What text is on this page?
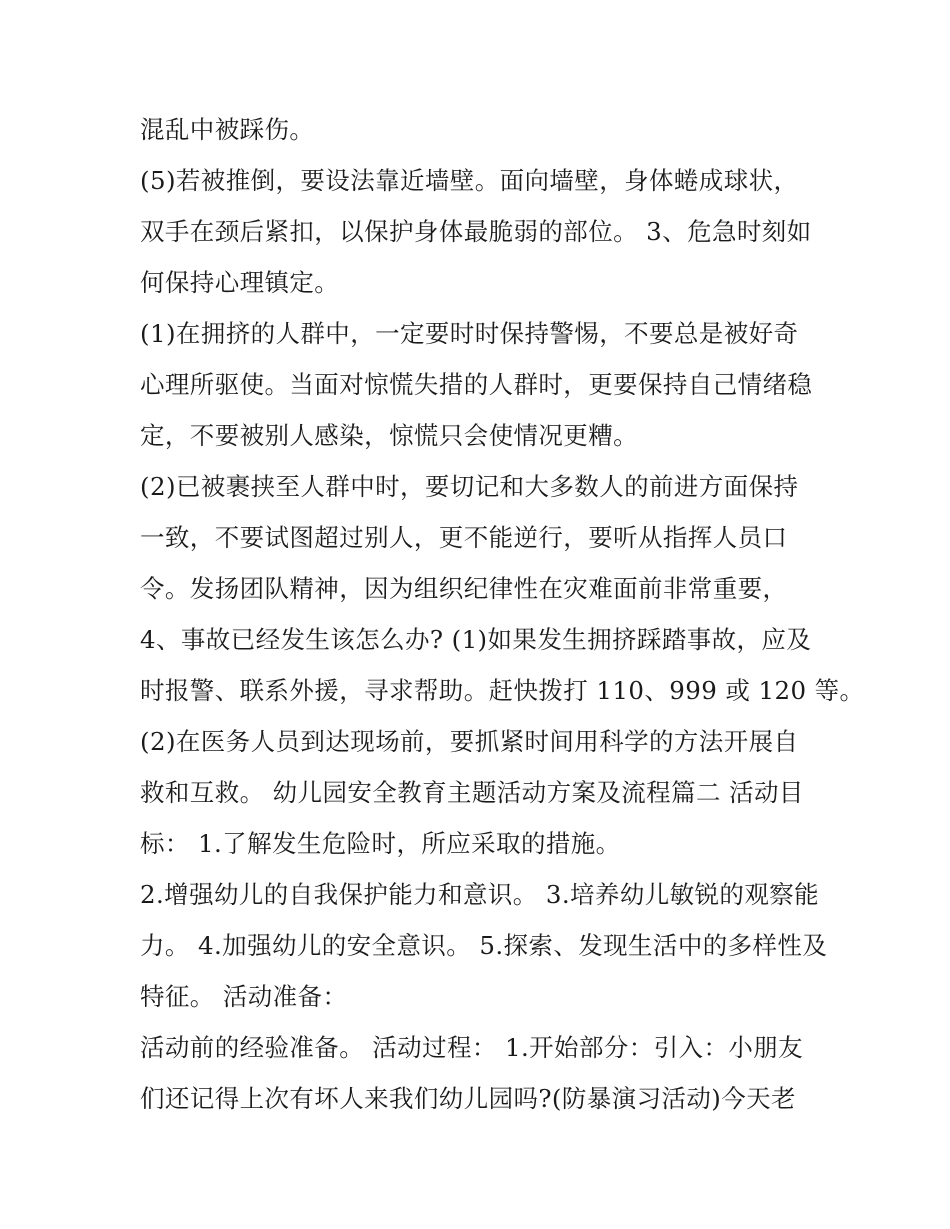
混乱中被踩伤。
(5)若被推倒，要设法靠近墙壁。面向墙壁，身体蜷成球状，
双手在颈后紧扣，以保护身体最脆弱的部位。 3、危急时刻如
何保持心理镇定。
(1)在拥挤的人群中，一定要时时保持警惕，不要总是被好奇
心理所驱使。当面对惊慌失措的人群时，更要保持自己情绪稳
定，不要被别人感染，惊慌只会使情况更糟。
(2)已被裹挟至人群中时，要切记和大多数人的前进方面保持
一致，不要试图超过别人，更不能逆行，要听从指挥人员口
令。发扬团队精神，因为组织纪律性在灾难面前非常重要，
4、事故已经发生该怎么办? (1)如果发生拥挤踩踏事故，应及
时报警、联系外援，寻求帮助。赶快拨打 110、999 或 120 等。
(2)在医务人员到达现场前，要抓紧时间用科学的方法开展自
救和互救。 幼儿园安全教育主题活动方案及流程篇二 活动目
标： 1.了解发生危险时，所应采取的措施。
2.增强幼儿的自我保护能力和意识。 3.培养幼儿敏锐的观察能
力。 4.加强幼儿的安全意识。 5.探索、发现生活中的多样性及
特征。 活动准备：
活动前的经验准备。 活动过程： 1.开始部分：引入：小朋友
们还记得上次有坏人来我们幼儿园吗?(防暴演习活动)今天老
